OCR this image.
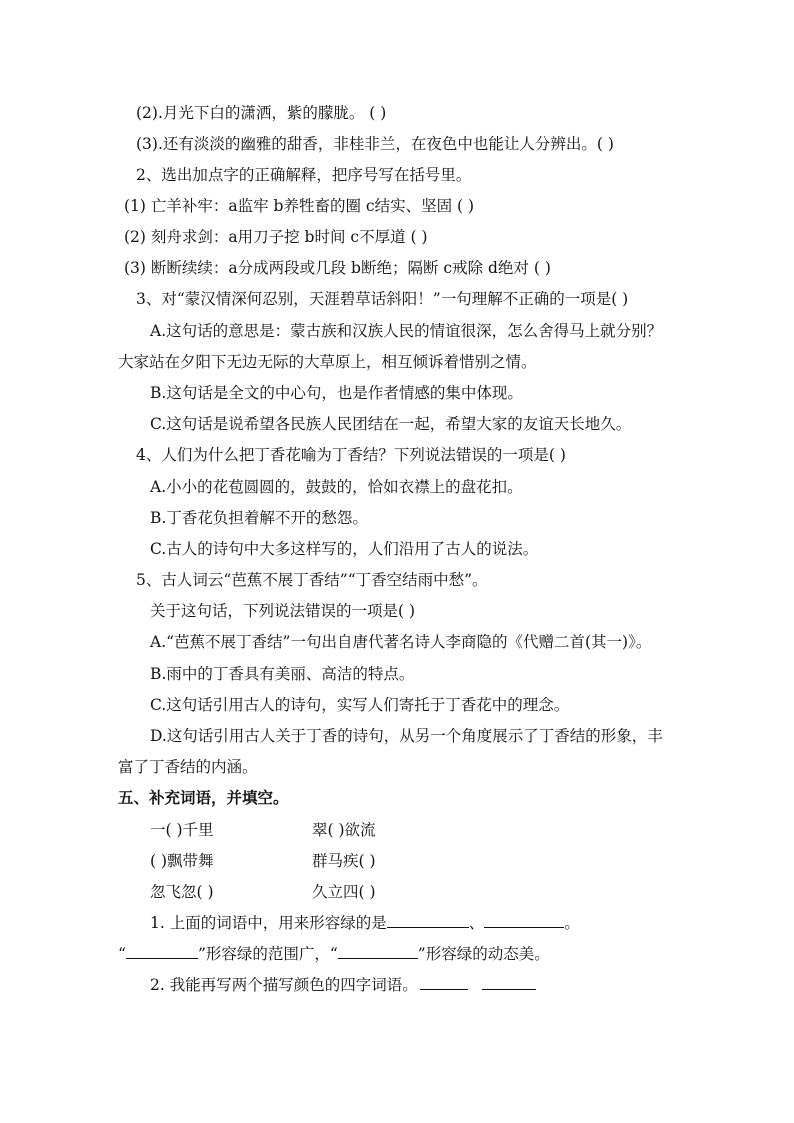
(2).月光下白的潇洒，紫的朦胧。 ( )
(3).还有淡淡的幽雅的甜香，非桂非兰，在夜色中也能让人分辨出。( )
2、选出加点字的正确解释，把序号写在括号里。
(1) 亡羊补牢：a监牢 b养牲畜的圈 c结实、坚固 ( )
(2) 刻舟求剑：a用刀子挖 b时间 c不厚道 ( )
(3) 断断续续：a分成两段或几段 b断绝；隔断 c戒除 d绝对 ( )
3、对“蒙汉情深何忍别，天涯碧草话斜阳！”一句理解不正确的一项是( )
A.这句话的意思是：蒙古族和汉族人民的情谊很深，怎么舍得马上就分别？
大家站在夕阳下无边无际的大草原上，相互倾诉着惜别之情。
B.这句话是全文的中心句，也是作者情感的集中体现。
C.这句话是说希望各民族人民团结在一起，希望大家的友谊天长地久。
4、人们为什么把丁香花喻为丁香结？下列说法错误的一项是( )
A.小小的花苞圆圆的，鼓鼓的，恰如衣襟上的盘花扣。
B.丁香花负担着解不开的愁怨。
C.古人的诗句中大多这样写的，人们沿用了古人的说法。
5、古人词云“芭蕉不展丁香结”“丁香空结雨中愁”。
关于这句话，下列说法错误的一项是( )
A.“芭蕉不展丁香结”一句出自唐代著名诗人李商隐的《代赠二首(其一)》。
B.雨中的丁香具有美丽、高洁的特点。
C.这句话引用古人的诗句，实写人们寄托于丁香花中的理念。
D.这句话引用古人关于丁香的诗句，从另一个角度展示了丁香结的形象，丰
富了丁香结的内涵。
五、补充词语，并填空。
一( )千里	翠( )欲流
( )飘带舞	群马疾( )
忽飞忽( )	久立四( )
1. 上面的词语中，用来形容绿的是	、	。
“	”形容绿的范围广，“	”形容绿的动态美。
2. 我能再写两个描写颜色的四字词语。
